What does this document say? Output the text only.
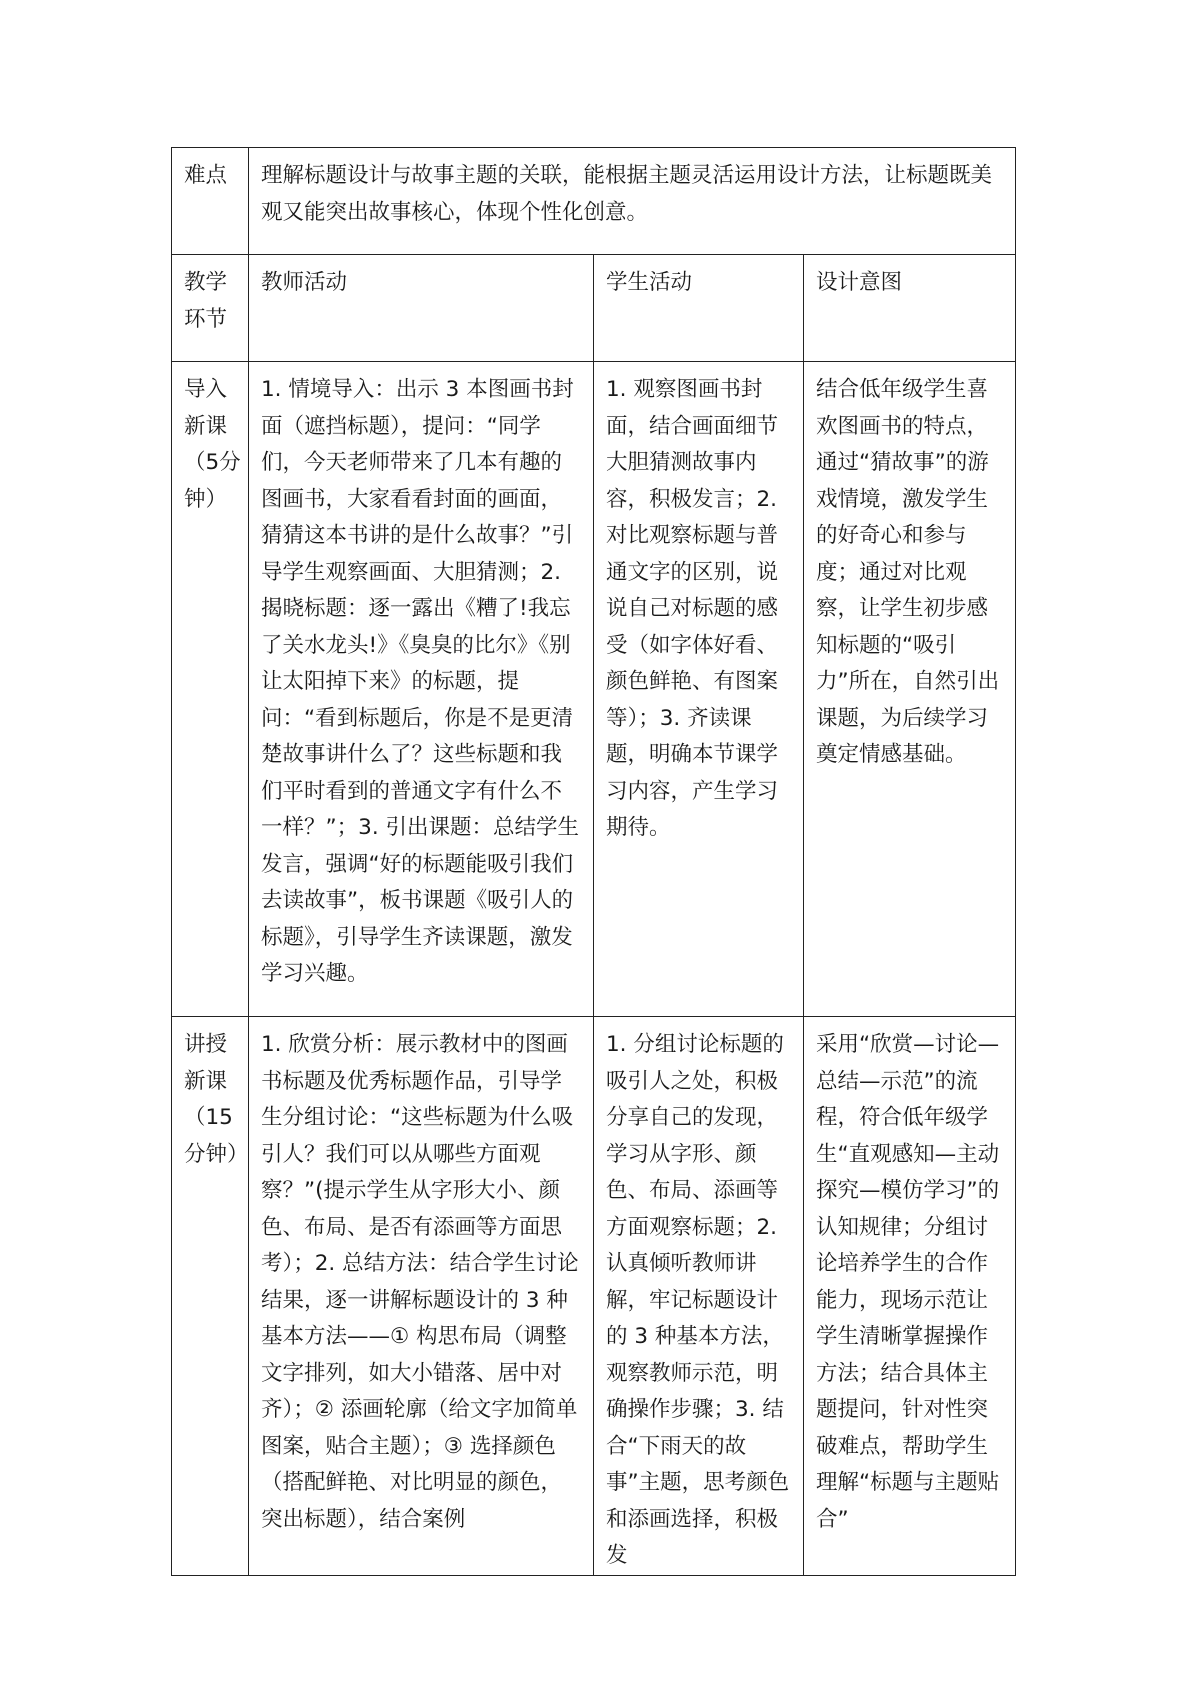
难点	理解标题设计与故事主题的关联，能根据主题灵活运用设计方法，让标题既美观又能突出故事核心，体现个性化创意。		
教学环节	教师活动	学生活动	设计意图
导入新课（5分钟）	1. 情境导入：出示 3 本图画书封面（遮挡标题），提问：“同学们，今天老师带来了几本有趣的图画书，大家看看封面的画面，猜猜这本书讲的是什么故事？”引导学生观察画面、大胆猜测；2. 揭晓标题：逐一露出《糟了!我忘了关水龙头!》《臭臭的比尔》《别让太阳掉下来》的标题，提问：“看到标题后，你是不是更清楚故事讲什么了？这些标题和我们平时看到的普通文字有什么不一样？”；3. 引出课题：总结学生发言，强调“好的标题能吸引我们去读故事”，板书课题《吸引人的标题》，引导学生齐读课题，激发学习兴趣。	1. 观察图画书封面，结合画面细节大胆猜测故事内容，积极发言；2. 对比观察标题与普通文字的区别，说说自己对标题的感受（如字体好看、颜色鲜艳、有图案等）；3. 齐读课题，明确本节课学习内容，产生学习期待。	结合低年级学生喜欢图画书的特点，通过“猜故事”的游戏情境，激发学生的好奇心和参与度；通过对比观察，让学生初步感知标题的“吸引力”所在，自然引出课题，为后续学习奠定情感基础。
讲授新课（15分钟）	1. 欣赏分析：展示教材中的图画书标题及优秀标题作品，引导学生分组讨论：“这些标题为什么吸引人？我们可以从哪些方面观察？”(提示学生从字形大小、颜色、布局、是否有添画等方面思考）；2. 总结方法：结合学生讨论结果，逐一讲解标题设计的 3 种基本方法——① 构思布局（调整文字排列，如大小错落、居中对齐）；② 添画轮廓（给文字加简单图案，贴合主题）；③ 选择颜色（搭配鲜艳、对比明显的颜色，突出标题），结合案例	1. 分组讨论标题的吸引人之处，积极分享自己的发现，学习从字形、颜色、布局、添画等方面观察标题；2. 认真倾听教师讲解，牢记标题设计的 3 种基本方法，观察教师示范，明确操作步骤；3. 结合“下雨天的故事”主题，思考颜色和添画选择，积极发	采用“欣赏—讨论—总结—示范”的流程，符合低年级学生“直观感知—主动探究—模仿学习”的认知规律；分组讨论培养学生的合作能力，现场示范让学生清晰掌握操作方法；结合具体主题提问，针对性突破难点，帮助学生理解“标题与主题贴合”
